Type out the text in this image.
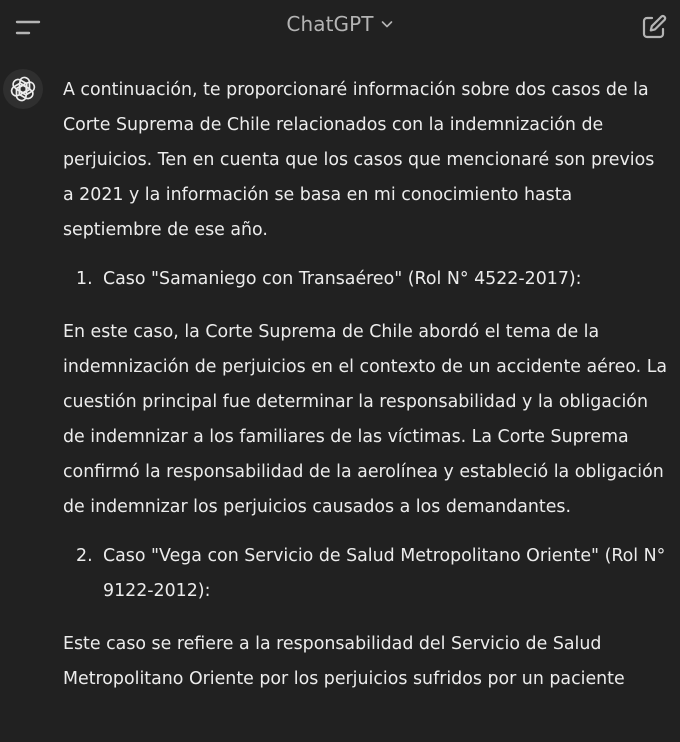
ChatGPT

A continuación, te proporcionaré información sobre dos casos de la Corte Suprema de Chile relacionados con la indemnización de perjuicios. Ten en cuenta que los casos que mencionaré son previos a 2021 y la información se basa en mi conocimiento hasta septiembre de ese año.

1. Caso "Samaniego con Transaéreo" (Rol N° 4522-2017):

En este caso, la Corte Suprema de Chile abordó el tema de la indemnización de perjuicios en el contexto de un accidente aéreo. La cuestión principal fue determinar la responsabilidad y la obligación de indemnizar a los familiares de las víctimas. La Corte Suprema confirmó la responsabilidad de la aerolínea y estableció la obligación de indemnizar los perjuicios causados a los demandantes.

2. Caso "Vega con Servicio de Salud Metropolitano Oriente" (Rol N° 9122-2012):

Este caso se refiere a la responsabilidad del Servicio de Salud Metropolitano Oriente por los perjuicios sufridos por un paciente
